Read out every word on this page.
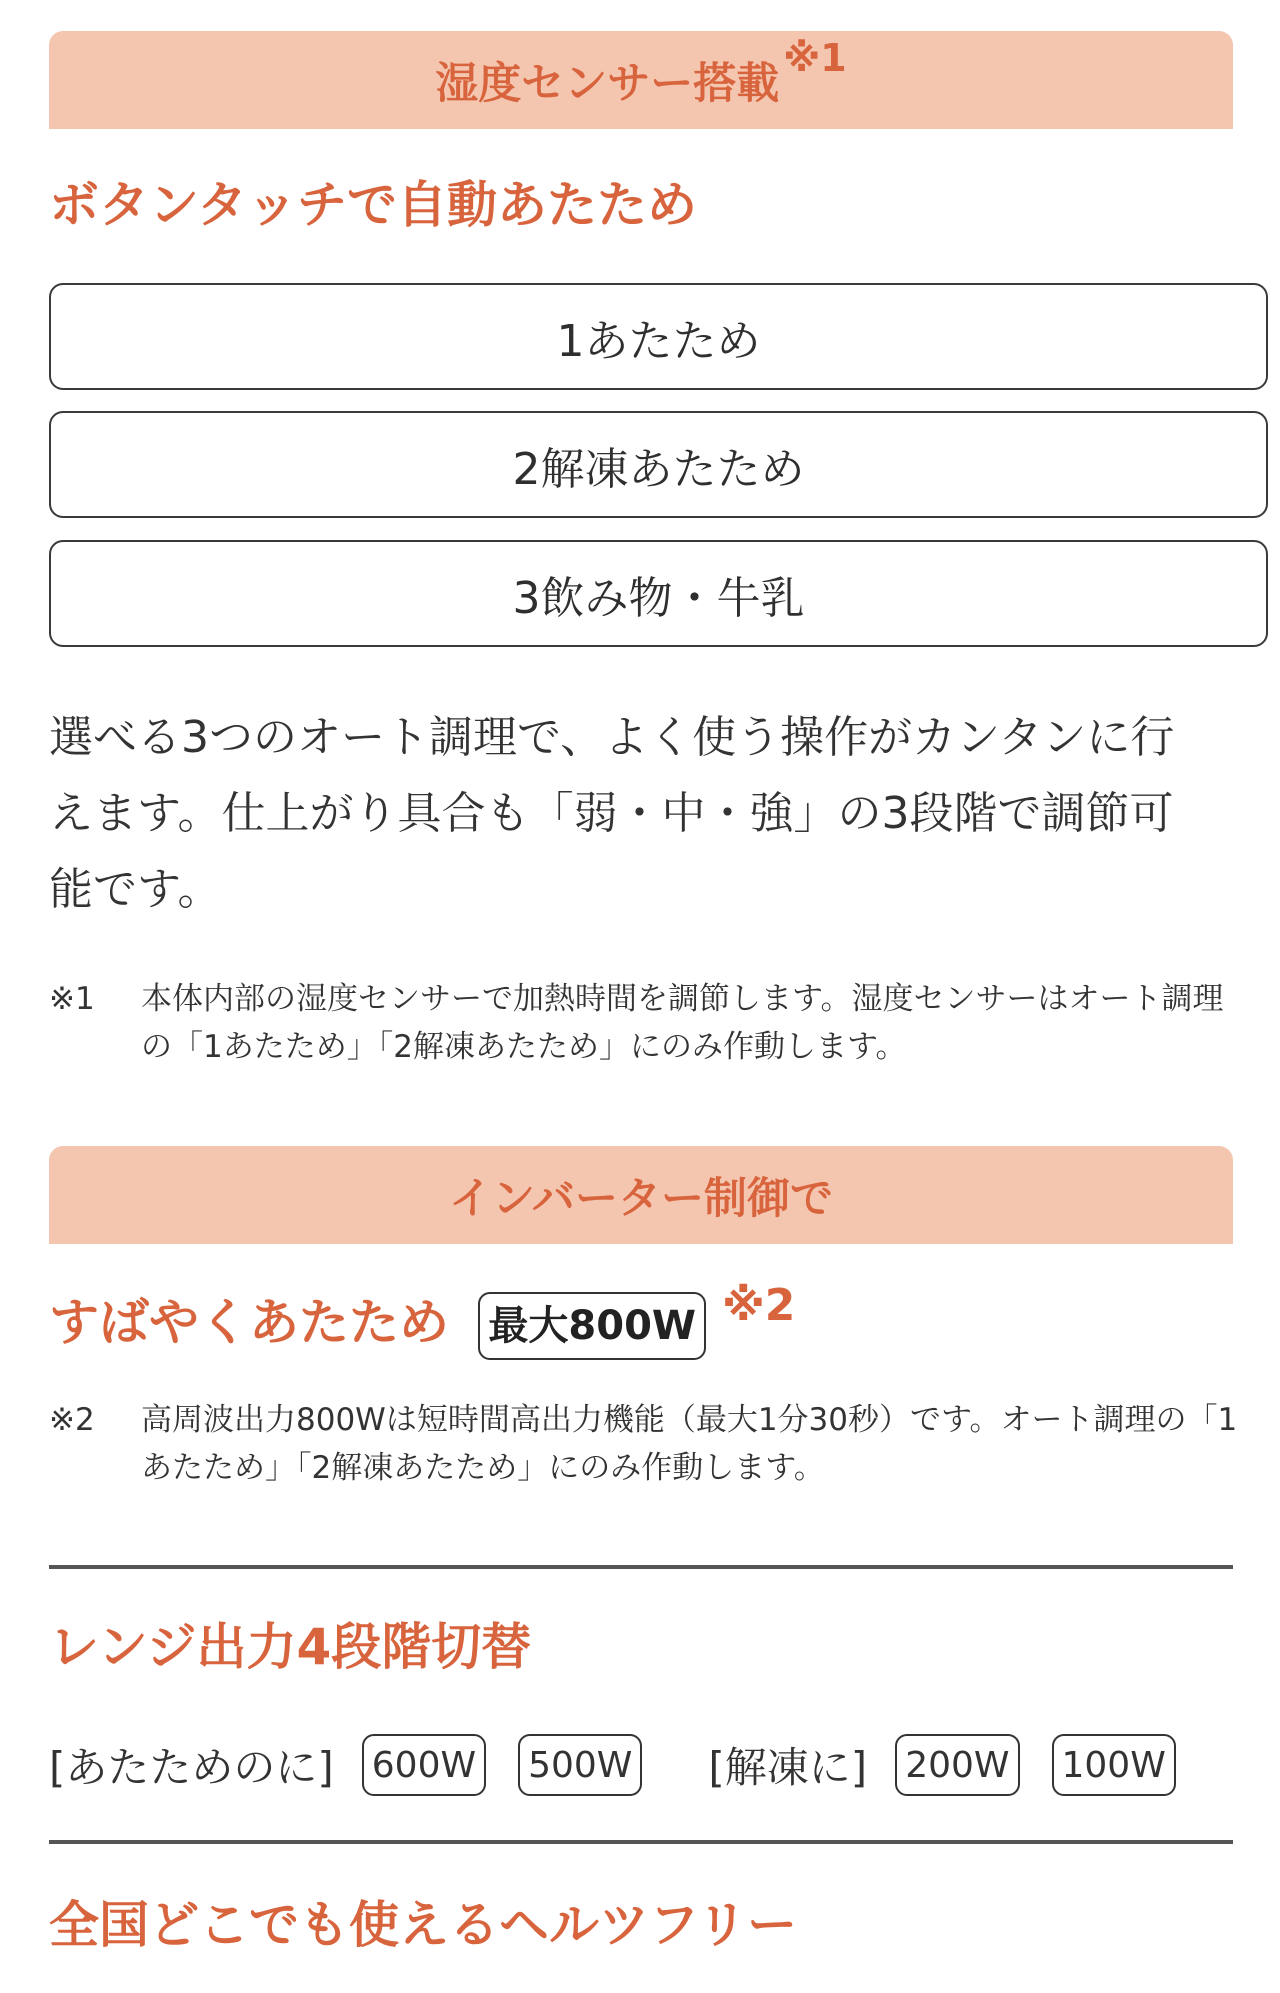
湿度センサー搭載
$^{※1}$
ボタンタッチで自動あたため
1あたため
2解凍あたため
3飲み物・牛乳
選べる3つのオート調理で、よく使う操作がカンタンに行えます。仕上がり具合も「弱・中・強」の3段階で調節可能です。
※1	本体内部の湿度センサーで加熱時間を調節します。湿度センサーはオート調理の「1あたため」「2解凍あたため」にのみ作動します。
インバーター制御で
すばやくあたため 最大800W ※2
※2	高周波出力800Wは短時間高出力機能（最大1分30秒）です。オート調理の「1あたため」「2解凍あたため」にのみ作動します。
レンジ出力4段階切替
[あたためのに] 600W 500W [解凍に] 200W 100W
全国どこでも使えるヘルツフリー
